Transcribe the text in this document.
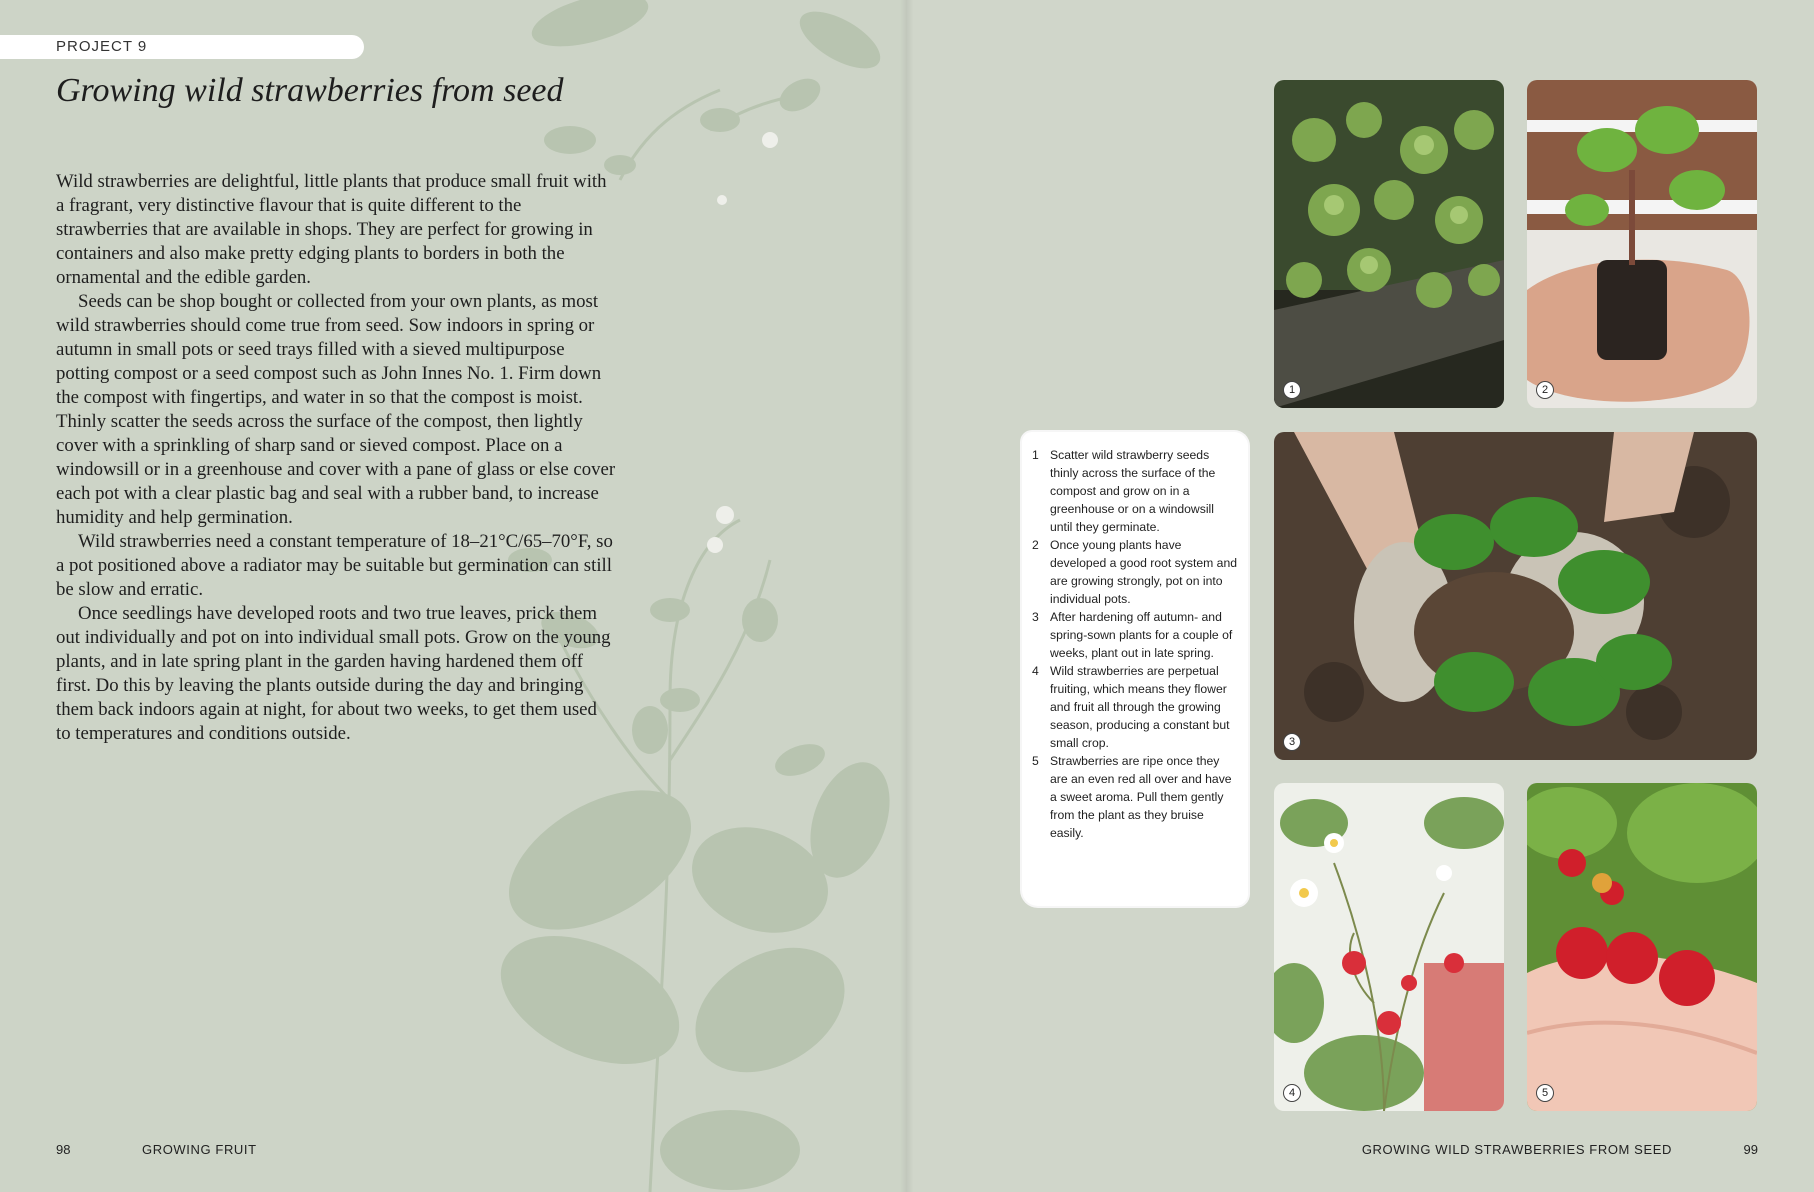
PROJECT 9
Growing wild strawberries from seed

Wild strawberries are delightful, little plants that produce small fruit with a fragrant, very distinctive flavour that is quite different to the strawberries that are available in shops. They are perfect for growing in containers and also make pretty edging plants to borders in both the ornamental and the edible garden.

Seeds can be shop bought or collected from your own plants, as most wild strawberries should come true from seed. Sow indoors in spring or autumn in small pots or seed trays filled with a sieved multipurpose potting compost or a seed compost such as John Innes No. 1. Firm down the compost with fingertips, and water in so that the compost is moist. Thinly scatter the seeds across the surface of the compost, then lightly cover with a sprinkling of sharp sand or sieved compost. Place on a windowsill or in a greenhouse and cover with a pane of glass or else cover each pot with a clear plastic bag and seal with a rubber band, to increase humidity and help germination.

Wild strawberries need a constant temperature of 18–21°C/65–70°F, so a pot positioned above a radiator may be suitable but germination can still be slow and erratic.

Once seedlings have developed roots and two true leaves, prick them out individually and pot on into individual small pots. Grow on the young plants, and in late spring plant in the garden having hardened them off first. Do this by leaving the plants outside during the day and bringing them back indoors again at night, for about two weeks, to get them used to temperatures and conditions outside.

1 Scatter wild strawberry seeds thinly across the surface of the compost and grow on in a greenhouse or on a windowsill until they germinate.
2 Once young plants have developed a good root system and are growing strongly, pot on into individual pots.
3 After hardening off autumn- and spring-sown plants for a couple of weeks, plant out in late spring.
4 Wild strawberries are perpetual fruiting, which means they flower and fruit all through the growing season, producing a constant but small crop.
5 Strawberries are ripe once they are an even red all over and have a sweet aroma. Pull them gently from the plant as they bruise easily.
1	2
3
4	5
98	GROWING FRUIT	GROWING WILD STRAWBERRIES FROM SEED	99
